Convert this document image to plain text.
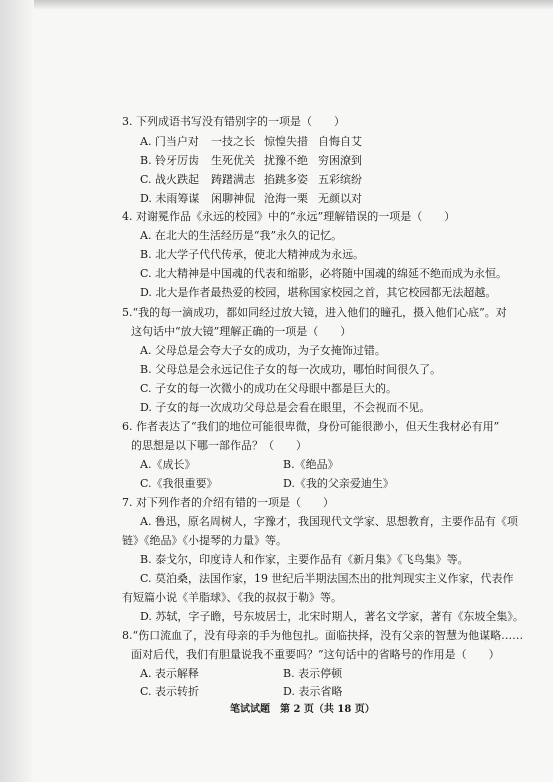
3. 下列成语书写没有错别字的一项是（　　）
A. 门当户对 一技之长 惊惶失措 自悔自艾
B. 铃牙厉齿 生死优关 扰豫不绝 穷困潦到
C. 战火跌起 踌躇满志 掐跳多姿 五彩缤纷
D. 未雨筹谋 闲聊神侃 沧海一栗 无颜以对
4. 对谢冕作品《永远的校园》中的“永远”理解错误的一项是（　　）
A. 在北大的生活经历是“我”永久的记忆。
B. 北大学子代代传承，使北大精神成为永远。
C. 北大精神是中国魂的代表和缩影，必将随中国魂的绵延不绝而成为永恒。
D. 北大是作者最热爱的校园，堪称国家校园之首，其它校园都无法超越。
5.“我的每一滴成功，都如同经过放大镜，进入他们的瞳孔，摄入他们心底”。对
这句话中“放大镜”理解正确的一项是（　　）
A. 父母总是会夸大子女的成功，为子女掩饰过错。
B. 父母总是会永远记住子女的每一次成功，哪怕时间很久了。
C. 子女的每一次微小的成功在父母眼中都是巨大的。
D. 子女的每一次成功父母总是会看在眼里，不会视而不见。
6. 作者表达了“我们的地位可能很卑微，身份可能很渺小，但天生我材必有用”
的思想是以下哪一部作品？（　　）
A.《成长》	B.《绝品》
C.《我很重要》	D.《我的父亲爱迪生》
7. 对下列作者的介绍有错的一项是（　　）
A. 鲁迅，原名周树人，字豫才，我国现代文学家、思想教育，主要作品有《项
链》《绝品》《小提琴的力量》等。
B. 泰戈尔，印度诗人和作家，主要作品有《新月集》《飞鸟集》等。
C. 莫泊桑，法国作家，19 世纪后半期法国杰出的批判现实主义作家，代表作
有短篇小说《羊脂球》、《我的叔叔于勒》等。
D. 苏轼，字子瞻，号东坡居士，北宋时期人，著名文学家，著有《东坡全集》。
8.“伤口流血了，没有母亲的手为他包扎。面临抉择，没有父亲的智慧为他谋略……
面对后代，我们有胆量说我不重要吗？”这句话中的省略号的作用是（　　）
A. 表示解释	B. 表示停顿
C. 表示转折	D. 表示省略
笔试试题　第 2 页（共 18 页）
